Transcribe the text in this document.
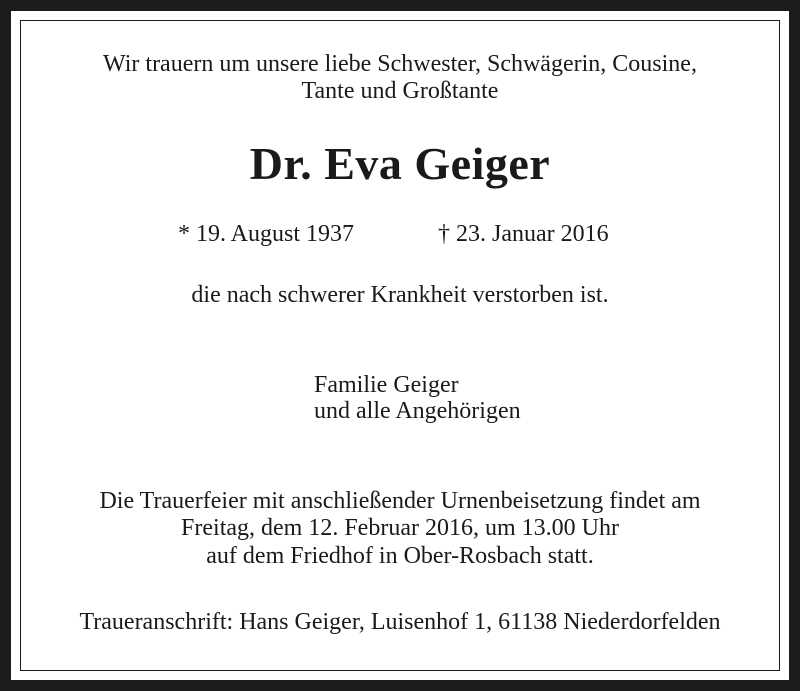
Wir trauern um unsere liebe Schwester, Schwägerin, Cousine,
Tante und Großtante
Dr. Eva Geiger
* 19. August 1937	† 23. Januar 2016
die nach schwerer Krankheit verstorben ist.
Familie Geiger
und alle Angehörigen
Die Trauerfeier mit anschließender Urnenbeisetzung findet am
Freitag, dem 12. Februar 2016, um 13.00 Uhr
auf dem Friedhof in Ober-Rosbach statt.
Traueranschrift: Hans Geiger, Luisenhof 1, 61138 Niederdorfelden
